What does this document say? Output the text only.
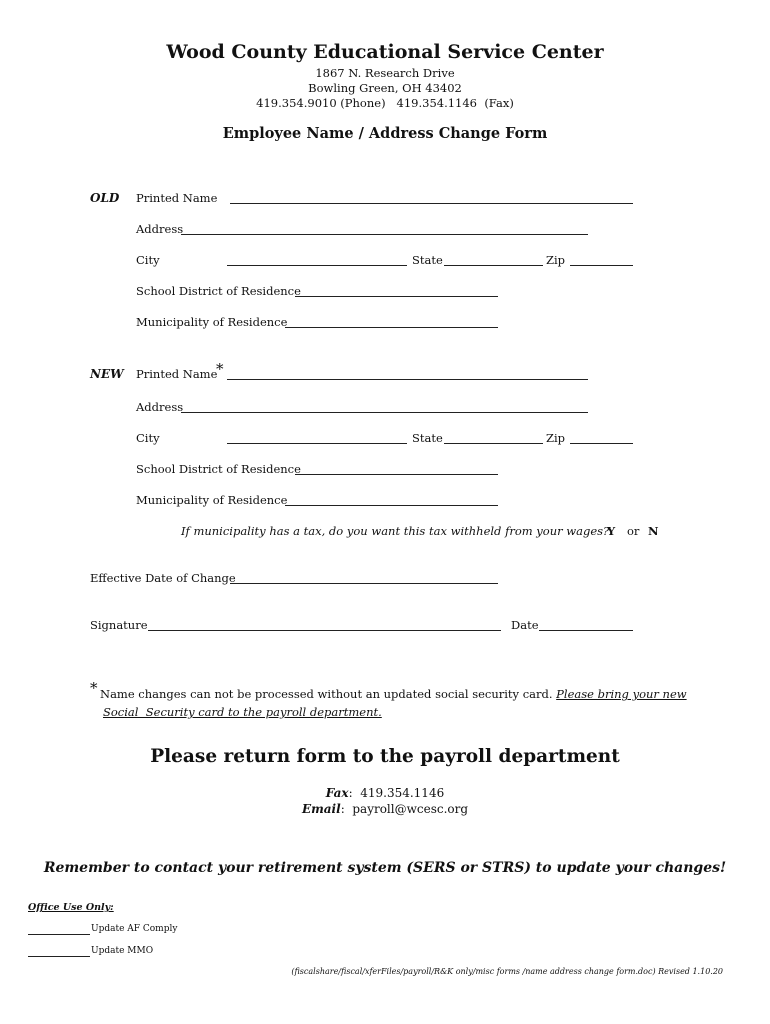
Wood County Educational Service Center
1867 N. Research Drive
Bowling Green, OH 43402
419.354.9010 (Phone)   419.354.1146  (Fax)
Employee Name / Address Change Form
OLD Printed Name
Address
City	State	Zip
School District of Residence
Municipality of Residence
NEW Printed Name
*
Address
City	State	Zip
School District of Residence
Municipality of Residence
If municipality has a tax, do you want this tax withheld from your wages?
Y or N
Effective Date of Change
Signature	Date
* Name changes can not be processed without an updated social security card. Please bring your new
Social  Security card to the payroll department.
Please return form to the payroll department
Fax:  419.354.1146
Email:  payroll@wcesc.org
Remember to contact your retirement system (SERS or STRS) to update your changes!
Office Use Only:
Update AF Comply
Update MMO
(fiscalshare/fiscal/xferFiles/payroll/R&K only/misc forms /name address change form.doc) Revised 1.10.20
